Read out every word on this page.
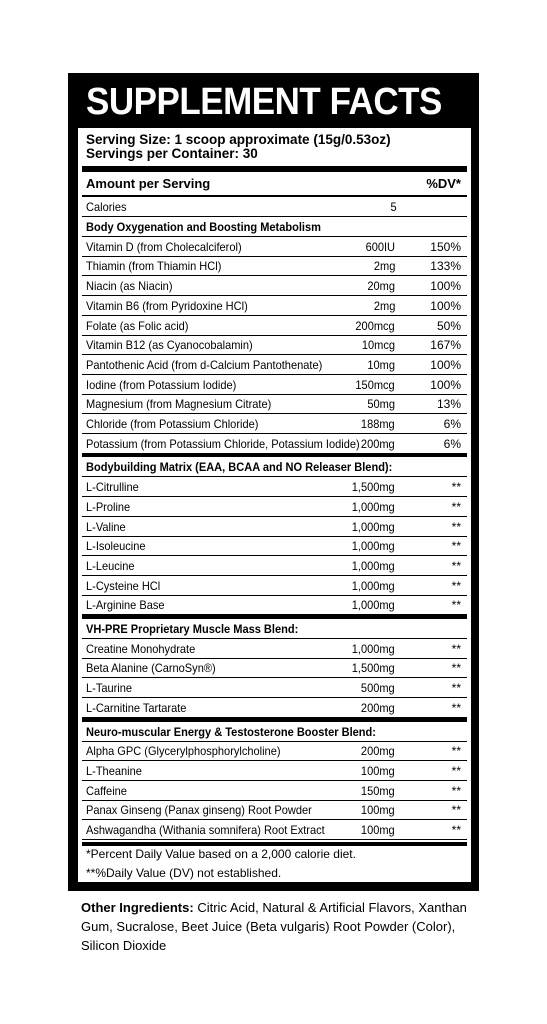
SUPPLEMENT FACTS
Serving Size: 1 scoop approximate (15g/0.53oz)
Servings per Container: 30
Amount per Serving	%DV*
Calories	5
*Percent Daily Value based on a 2,000 calorie diet.
**%Daily Value (DV) not established.
Body Oxygenation and Boosting Metabolism
Vitamin D (from Cholecalciferol)	600IU	150%
Thiamin (from Thiamin HCl)	2mg	133%
Niacin (as Niacin)	20mg	100%
Vitamin B6 (from Pyridoxine HCl)	2mg	100%
Folate (as Folic acid)	200mcg	50%
Vitamin B12 (as Cyanocobalamin)	10mcg	167%
Pantothenic Acid (from d-Calcium Pantothenate)	10mg	100%
Iodine (from Potassium Iodide)	150mcg	100%
Magnesium (from Magnesium Citrate)	50mg	13%
Chloride (from Potassium Chloride)	188mg	6%
Potassium (from Potassium Chloride, Potassium Iodide) 200mg	6%
Bodybuilding Matrix (EAA, BCAA and NO Releaser Blend):
L-Citrulline	1,500mg	**
L-Proline	1,000mg	**
L-Valine	1,000mg	**
L-Isoleucine	1,000mg	**
L-Leucine	1,000mg	**
L-Cysteine HCl	1,000mg	**
L-Arginine Base	1,000mg	**
VH-PRE Proprietary Muscle Mass Blend:
Creatine Monohydrate	1,000mg	**
Beta Alanine (CarnoSyn®)	1,500mg	**
L-Taurine	500mg	**
L-Carnitine Tartarate	200mg	**
Neuro-muscular Energy & Testosterone Booster Blend:
Alpha GPC (Glycerylphosphorylcholine)	200mg	**
L-Theanine	100mg	**
Caffeine	150mg	**
Panax Ginseng (Panax ginseng) Root Powder	100mg	**
Ashwagandha (Withania somnifera) Root Extract	100mg	**
Other Ingredients: Citric Acid, Natural & Artificial Flavors, Xanthan Gum, Sucralose, Beet Juice (Beta vulgaris) Root Powder (Color), Silicon Dioxide
